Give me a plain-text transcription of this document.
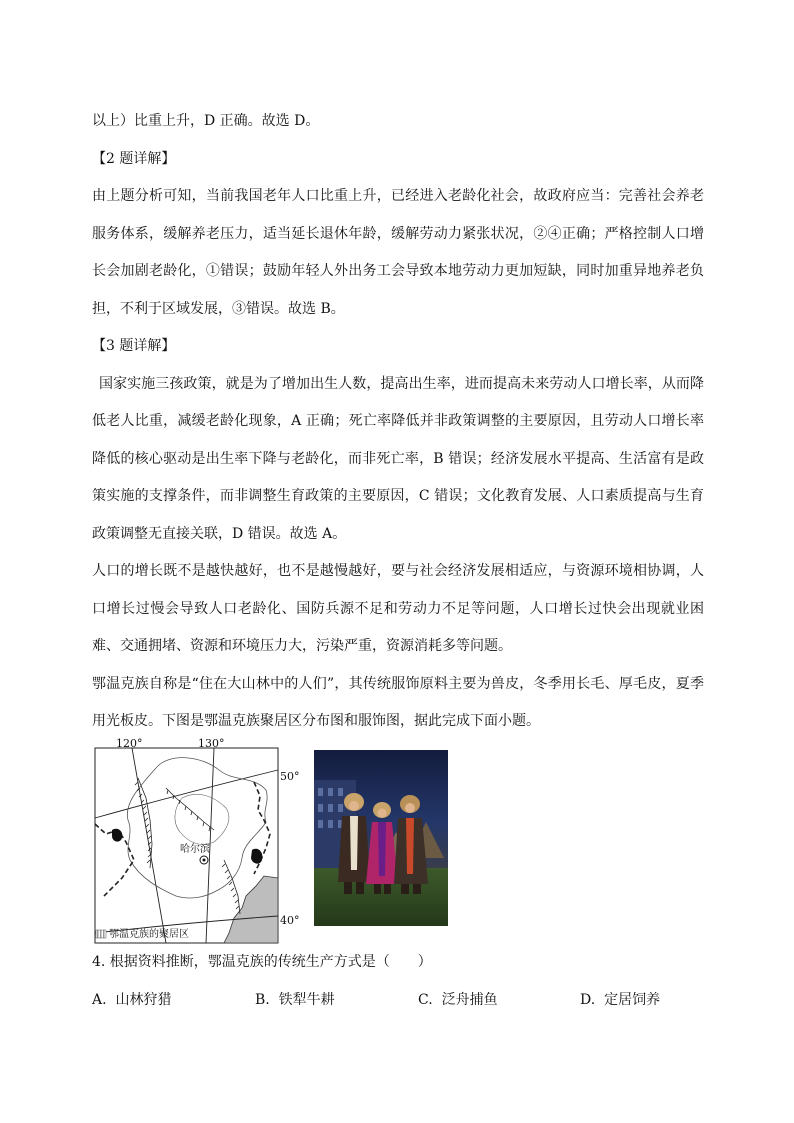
以上）比重上升，D 正确。故选 D。

【2 题详解】

由上题分析可知，当前我国老年人口比重上升，已经进入老龄化社会，故政府应当：完善社会养老服务体系，缓解养老压力，适当延长退休年龄，缓解劳动力紧张状况，②④正确；严格控制人口增长会加剧老龄化，①错误；鼓励年轻人外出务工会导致本地劳动力更加短缺，同时加重异地养老负担，不利于区域发展，③错误。故选 B。

【3 题详解】

国家实施三孩政策，就是为了增加出生人数，提高出生率，进而提高未来劳动人口增长率，从而降低老人比重，减缓老龄化现象，A 正确；死亡率降低并非政策调整的主要原因，且劳动人口增长率降低的核心驱动是出生率下降与老龄化，而非死亡率，B 错误；经济发展水平提高、生活富有是政策实施的支撑条件，而非调整生育政策的主要原因，C 错误；文化教育发展、人口素质提高与生育政策调整无直接关联，D 错误。故选 A。

人口的增长既不是越快越好，也不是越慢越好，要与社会经济发展相适应，与资源环境相协调，人口增长过慢会导致人口老龄化、国防兵源不足和劳动力不足等问题，人口增长过快会出现就业困难、交通拥堵、资源和环境压力大，污染严重，资源消耗多等问题。

鄂温克族自称是“住在大山林中的人们”，其传统服饰原料主要为兽皮，冬季用长毛、厚毛皮，夏季用光板皮。下图是鄂温克族聚居区分布图和服饰图，据此完成下面小题。

120°	130°
50°
40°
哈尔滨
鄂温克族的聚居区
4. 根据资料推断，鄂温克族的传统生产方式是（　　）
A. 山林狩猎	B. 铁犁牛耕	C. 泛舟捕鱼	D. 定居饲养
